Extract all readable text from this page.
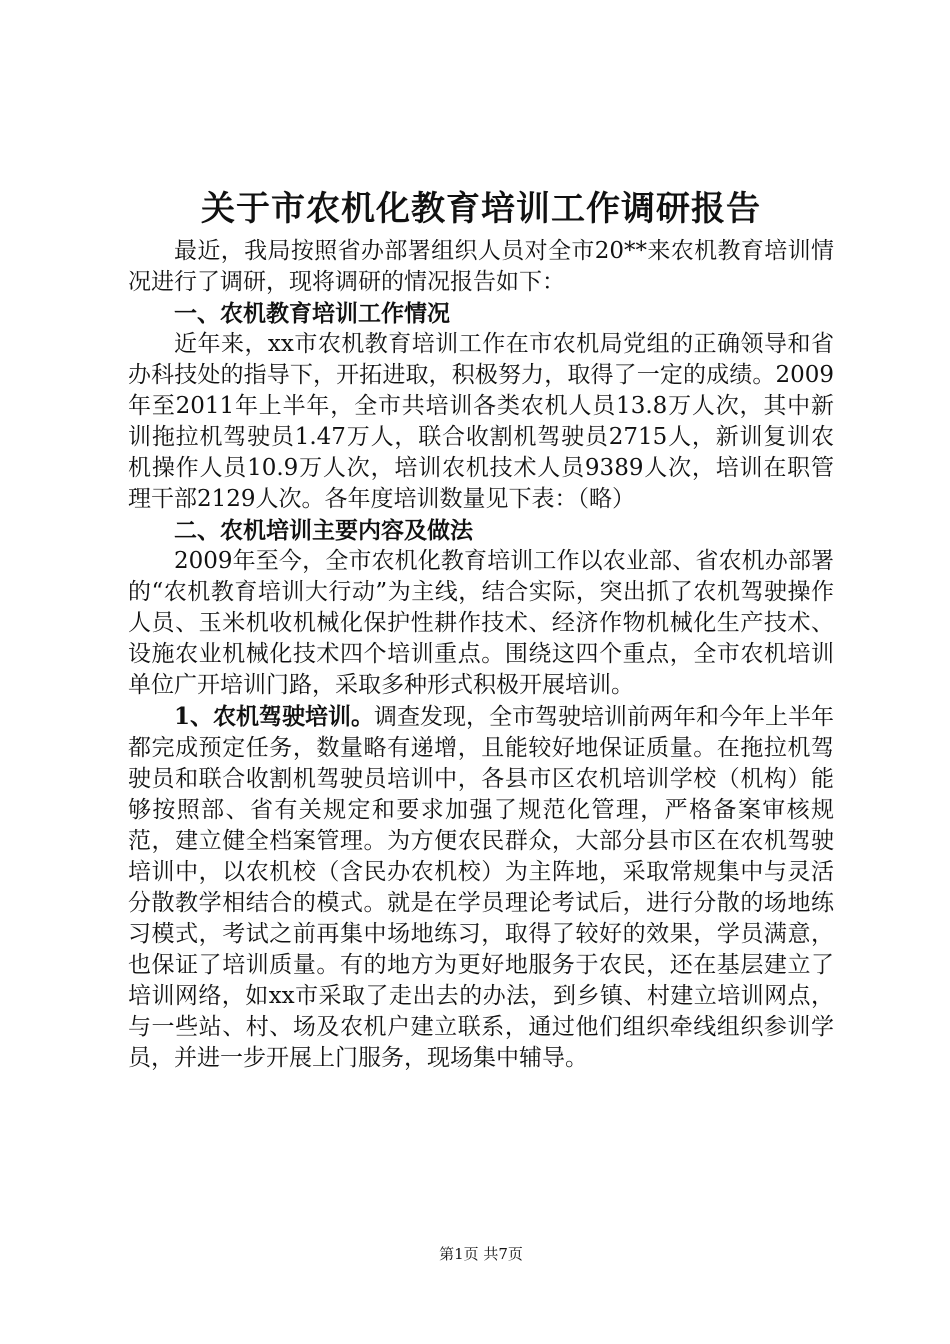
关于市农机化教育培训工作调研报告

最近，我局按照省办部署组织人员对全市20**来农机教育培训情况进行了调研，现将调研的情况报告如下：

一、农机教育培训工作情况

近年来，xx市农机教育培训工作在市农机局党组的正确领导和省办科技处的指导下，开拓进取，积极努力，取得了一定的成绩。2009年至2011年上半年，全市共培训各类农机人员13.8万人次，其中新训拖拉机驾驶员1.47万人，联合收割机驾驶员2715人，新训复训农机操作人员10.9万人次，培训农机技术人员9389人次，培训在职管理干部2129人次。各年度培训数量见下表：（略）

二、农机培训主要内容及做法

2009年至今，全市农机化教育培训工作以农业部、省农机办部署的“农机教育培训大行动”为主线，结合实际，突出抓了农机驾驶操作人员、玉米机收机械化保护性耕作技术、经济作物机械化生产技术、设施农业机械化技术四个培训重点。围绕这四个重点，全市农机培训单位广开培训门路，采取多种形式积极开展培训。

1、农机驾驶培训。调查发现，全市驾驶培训前两年和今年上半年都完成预定任务，数量略有递增，且能较好地保证质量。在拖拉机驾驶员和联合收割机驾驶员培训中，各县市区农机培训学校（机构）能够按照部、省有关规定和要求加强了规范化管理，严格备案审核规范，建立健全档案管理。为方便农民群众，大部分县市区在农机驾驶培训中，以农机校（含民办农机校）为主阵地，采取常规集中与灵活分散教学相结合的模式。就是在学员理论考试后，进行分散的场地练习模式，考试之前再集中场地练习，取得了较好的效果，学员满意，也保证了培训质量。有的地方为更好地服务于农民，还在基层建立了培训网络，如xx市采取了走出去的办法，到乡镇、村建立培训网点，与一些站、村、场及农机户建立联系，通过他们组织牵线组织参训学员，并进一步开展上门服务，现场集中辅导。

第1页 共7页
